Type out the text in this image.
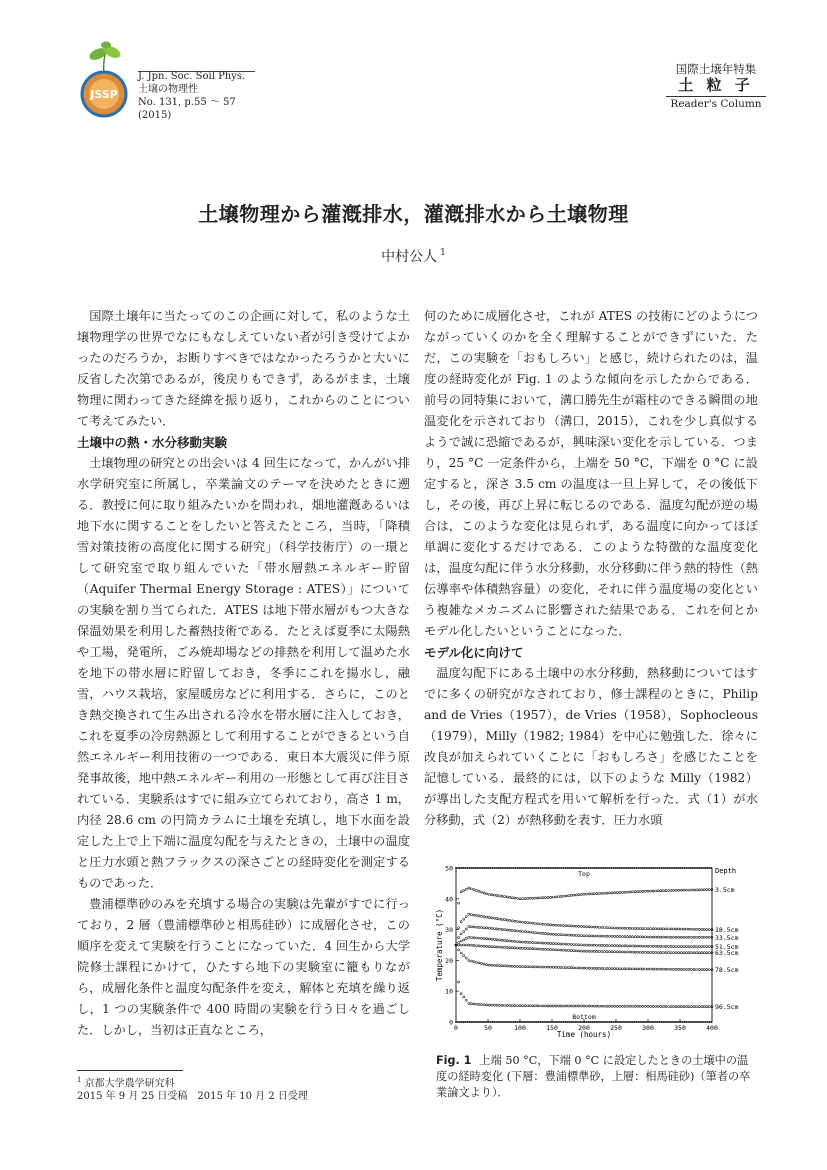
JSSP
J. Jpn. Soc. Soil Phys.
土壌の物理性
No. 131, p.55 ～ 57 (2015)
国際土壌年特集
土 粒 子
Reader's Column
土壌物理から灌漑排水，灌漑排水から土壌物理
中村公人 $^1$

国際土壌年に当たってのこの企画に対して，私のような土壌物理学の世界でなにもなしえていない者が引き受けてよかったのだろうか，お断りすべきではなかったろうかと大いに反省した次第であるが，後戻りもできず，あるがまま，土壌物理に関わってきた経緯を振り返り，これからのことについて考えてみたい．

土壌中の熱・水分移動実験

土壌物理の研究との出会いは 4 回生になって，かんがい排水学研究室に所属し，卒業論文のテーマを決めたときに遡る．教授に何に取り組みたいかを問われ，畑地灌漑あるいは地下水に関することをしたいと答えたところ，当時，「降積雪対策技術の高度化に関する研究」（科学技術庁）の一環として研究室で取り組んでいた「帯水層熱エネルギー貯留（Aquifer Thermal Energy Storage : ATES）」についての実験を割り当てられた．ATES は地下帯水層がもつ大きな保温効果を利用した蓄熱技術である．たとえば夏季に太陽熱や工場，発電所，ごみ焼却場などの排熱を利用して温めた水を地下の帯水層に貯留しておき，冬季にこれを揚水し，融雪，ハウス栽培，家屋暖房などに利用する．さらに，このとき熱交換されて生み出される冷水を帯水層に注入しておき，これを夏季の冷房熱源として利用することができるという自然エネルギー利用技術の一つである．東日本大震災に伴う原発事故後，地中熱エネルギー利用の一形態として再び注目されている．実験系はすでに組み立てられており，高さ 1 m，内径 28.6 cm の円筒カラムに土壌を充填し，地下水面を設定した上で上下端に温度勾配を与えたときの，土壌中の温度と圧力水頭と熱フラックスの深さごとの経時変化を測定するものであった．

豊浦標準砂のみを充填する場合の実験は先輩がすでに行っており，2 層（豊浦標準砂と相馬硅砂）に成層化させ，この順序を変えて実験を行うことになっていた．4 回生から大学院修士課程にかけて，ひたすら地下の実験室に籠もりながら，成層化条件と温度勾配条件を変え，解体と充填を繰り返し，1 つの実験条件で 400 時間の実験を行う日々を過ごした．しかし，当初は正直なところ，

何のために成層化させ，これが ATES の技術にどのようにつながっていくのかを全く理解することができずにいた．ただ，この実験を「おもしろい」と感じ，続けられたのは，温度の経時変化が Fig. 1 のような傾向を示したからである．前号の同特集において，溝口勝先生が霜柱のできる瞬間の地温変化を示されており（溝口，2015），これを少し真似するようで誠に恐縮であるが，興味深い変化を示している．つまり，25 °C 一定条件から，上端を 50 °C，下端を 0 °C に設定すると，深さ 3.5 cm の温度は一旦上昇して，その後低下し，その後，再び上昇に転じるのである．温度勾配が逆の場合は，このような変化は見られず，ある温度に向かってほぼ単調に変化するだけである．このような特徴的な温度変化は，温度勾配に伴う水分移動，水分移動に伴う熱的特性（熱伝導率や体積熱容量）の変化，それに伴う温度場の変化という複雑なメカニズムに影響された結果である．これを何とかモデル化したいということになった．

モデル化に向けて

温度勾配下にある土壌中の水分移動，熱移動についてはすでに多くの研究がなされており，修士課程のときに，Philip and de Vries（1957），de Vries（1958），Sophocleous（1979），Milly（1982; 1984）を中心に勉強した．徐々に改良が加えられていくことに「おもしろさ」を感じたことを記憶している．最終的には，以下のような Milly（1982）が導出した支配方程式を用いて解析を行った．式（1）が水分移動，式（2）が熱移動を表す．圧力水頭

0	50	100	150	200	250	300	350	400
0
10
20
30
40
50
Top
3.5cm
18.5cm
33.5cm
51.5cm
63.5cm
78.5cm
96.5cm
Bottom
Temperature (°C)
Time (hours)
Depth
Fig. 1 上端 50 °C，下端 0 °C に設定したときの土壌中の温度の経時変化 (下層：豊浦標準砂，上層：相馬硅砂)（筆者の卒業論文より）．
$^1$ 京都大学農学研究科
2015 年 9 月 25 日受稿　2015 年 10 月 2 日受理
